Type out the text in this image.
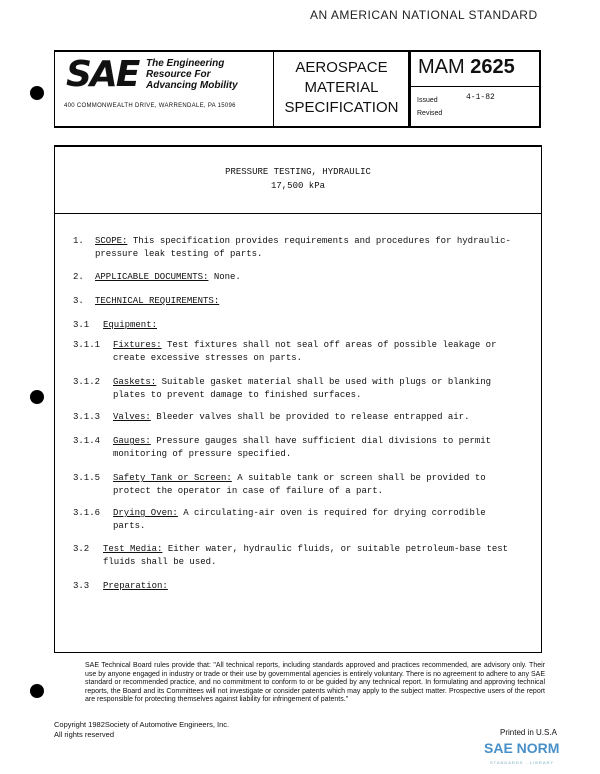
AN AMERICAN NATIONAL STANDARD
SAE The Engineering
Resource For
Advancing Mobility
400 COMMONWEALTH DRIVE, WARRENDALE, PA 15096
AEROSPACE
MATERIAL
SPECIFICATION
MAM 2625
Issued	4-1-82
Revised
PRESSURE TESTING, HYDRAULIC
17,500 kPa
1. SCOPE: This specification provides requirements and procedures for hydraulic-
pressure leak testing of parts.
2. APPLICABLE DOCUMENTS: None.
3. TECHNICAL REQUIREMENTS:
3.1 Equipment:
3.1.1 Fixtures: Test fixtures shall not seal off areas of possible leakage or
create excessive stresses on parts.
3.1.2 Gaskets: Suitable gasket material shall be used with plugs or blanking
plates to prevent damage to finished surfaces.
3.1.3 Valves: Bleeder valves shall be provided to release entrapped air.
3.1.4 Gauges: Pressure gauges shall have sufficient dial divisions to permit
monitoring of pressure specified.
3.1.5 Safety Tank or Screen: A suitable tank or screen shall be provided to
protect the operator in case of failure of a part.
3.1.6 Drying Oven: A circulating-air oven is required for drying corrodible
parts.
3.2 Test Media: Either water, hydraulic fluids, or suitable petroleum-base test
fluids shall be used.
3.3 Preparation:
SAE Technical Board rules provide that: "All technical reports, including standards approved and practices recommended, are advisory only. Their use by anyone engaged in industry or trade or their use by governmental agencies is entirely voluntary. There is no agreement to adhere to any SAE standard or recommended practice, and no commitment to conform to or be guided by any technical report. In formulating and approving technical reports, the Board and its Committees will not investigate or consider patents which may apply to the subject matter. Prospective users of the report are responsible for protecting themselves against liability for infringement of patents."
Copyright 1982Society of Automotive Engineers, Inc.
All rights reserved	Printed in U.S.A
SAE NORM
STANDARDS - LIBRARY
